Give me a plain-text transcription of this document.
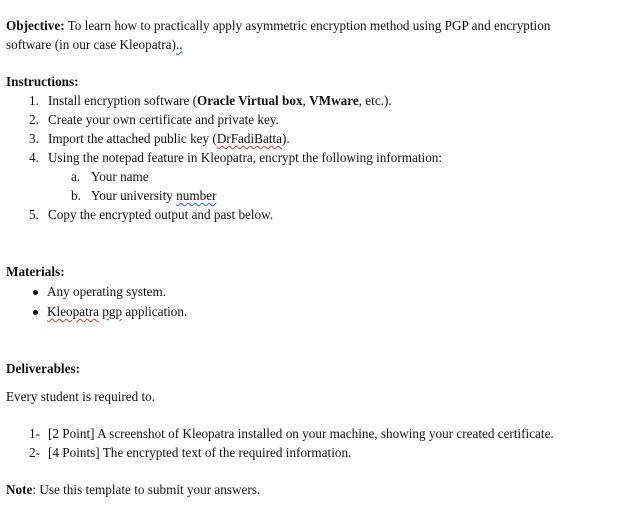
Objective: To learn how to practically apply asymmetric encryption method using PGP and encryption
software (in our case Kleopatra)..
Instructions:
1. Install encryption software (Oracle Virtual box, VMware, etc.).
2. Create your own certificate and private key.
3. Import the attached public key (DrFadiBatta).
4. Using the notepad feature in Kleopatra, encrypt the following information:
a. Your name
b. Your university number
5. Copy the encrypted output and past below.
Materials:
Any operating system.
Kleopatra pgp application.
Deliverables:
Every student is required to.
1- [2 Point] A screenshot of Kleopatra installed on your machine, showing your created certificate.
2- [4 Points] The encrypted text of the required information.
Note: Use this template to submit your answers.
